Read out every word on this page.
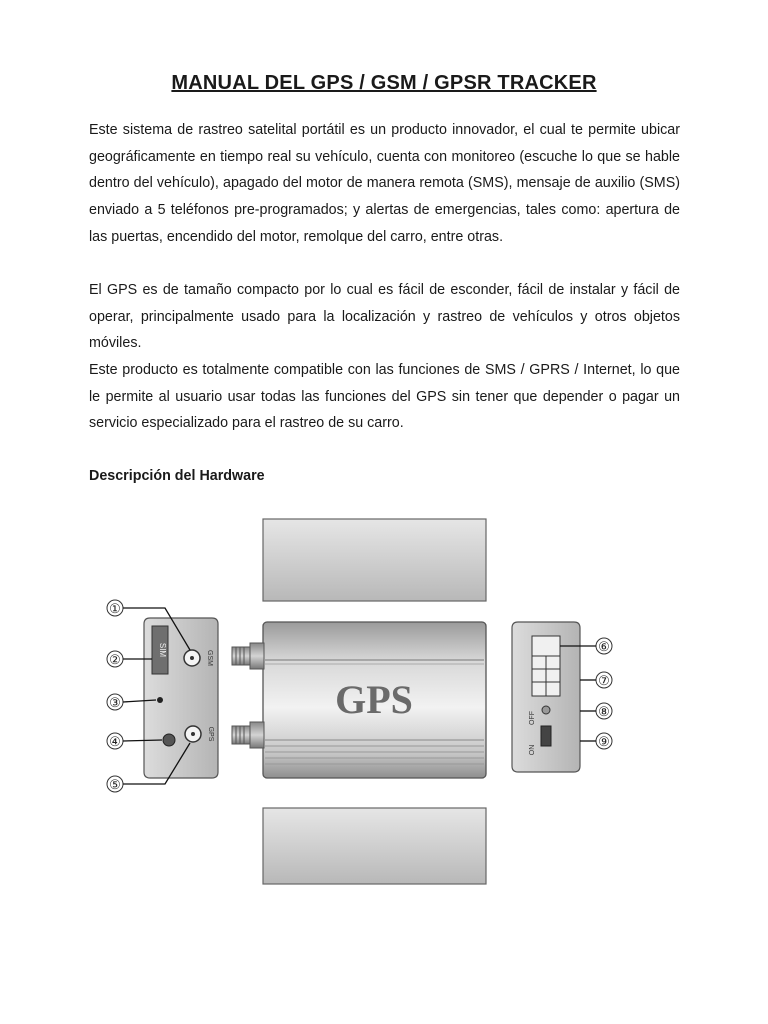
MANUAL DEL GPS / GSM / GPSR TRACKER

Este sistema de rastreo satelital portátil es un producto innovador, el cual te permite ubicar geográficamente en tiempo real su vehículo, cuenta con monitoreo (escuche lo que se hable dentro del vehículo), apagado del motor de manera remota (SMS), mensaje de auxilio (SMS) enviado a 5 teléfonos pre-programados; y alertas de emergencias, tales como: apertura de las puertas, encendido del motor, remolque del carro, entre otras.

El GPS es de tamaño compacto por lo cual es fácil de esconder, fácil de instalar y fácil de operar, principalmente usado para la localización y rastreo de vehículos y otros objetos móviles.

Este producto es totalmente compatible con las funciones de SMS / GPRS / Internet, lo que le permite al usuario usar todas las funciones del GPS sin tener que depender o pagar un servicio especializado para el rastreo de su carro.

Descripción del Hardware
GPS
SIM
GSM
GPS
OFF
ON
①
②
③
④
⑤
⑥
⑦
⑧
⑨
